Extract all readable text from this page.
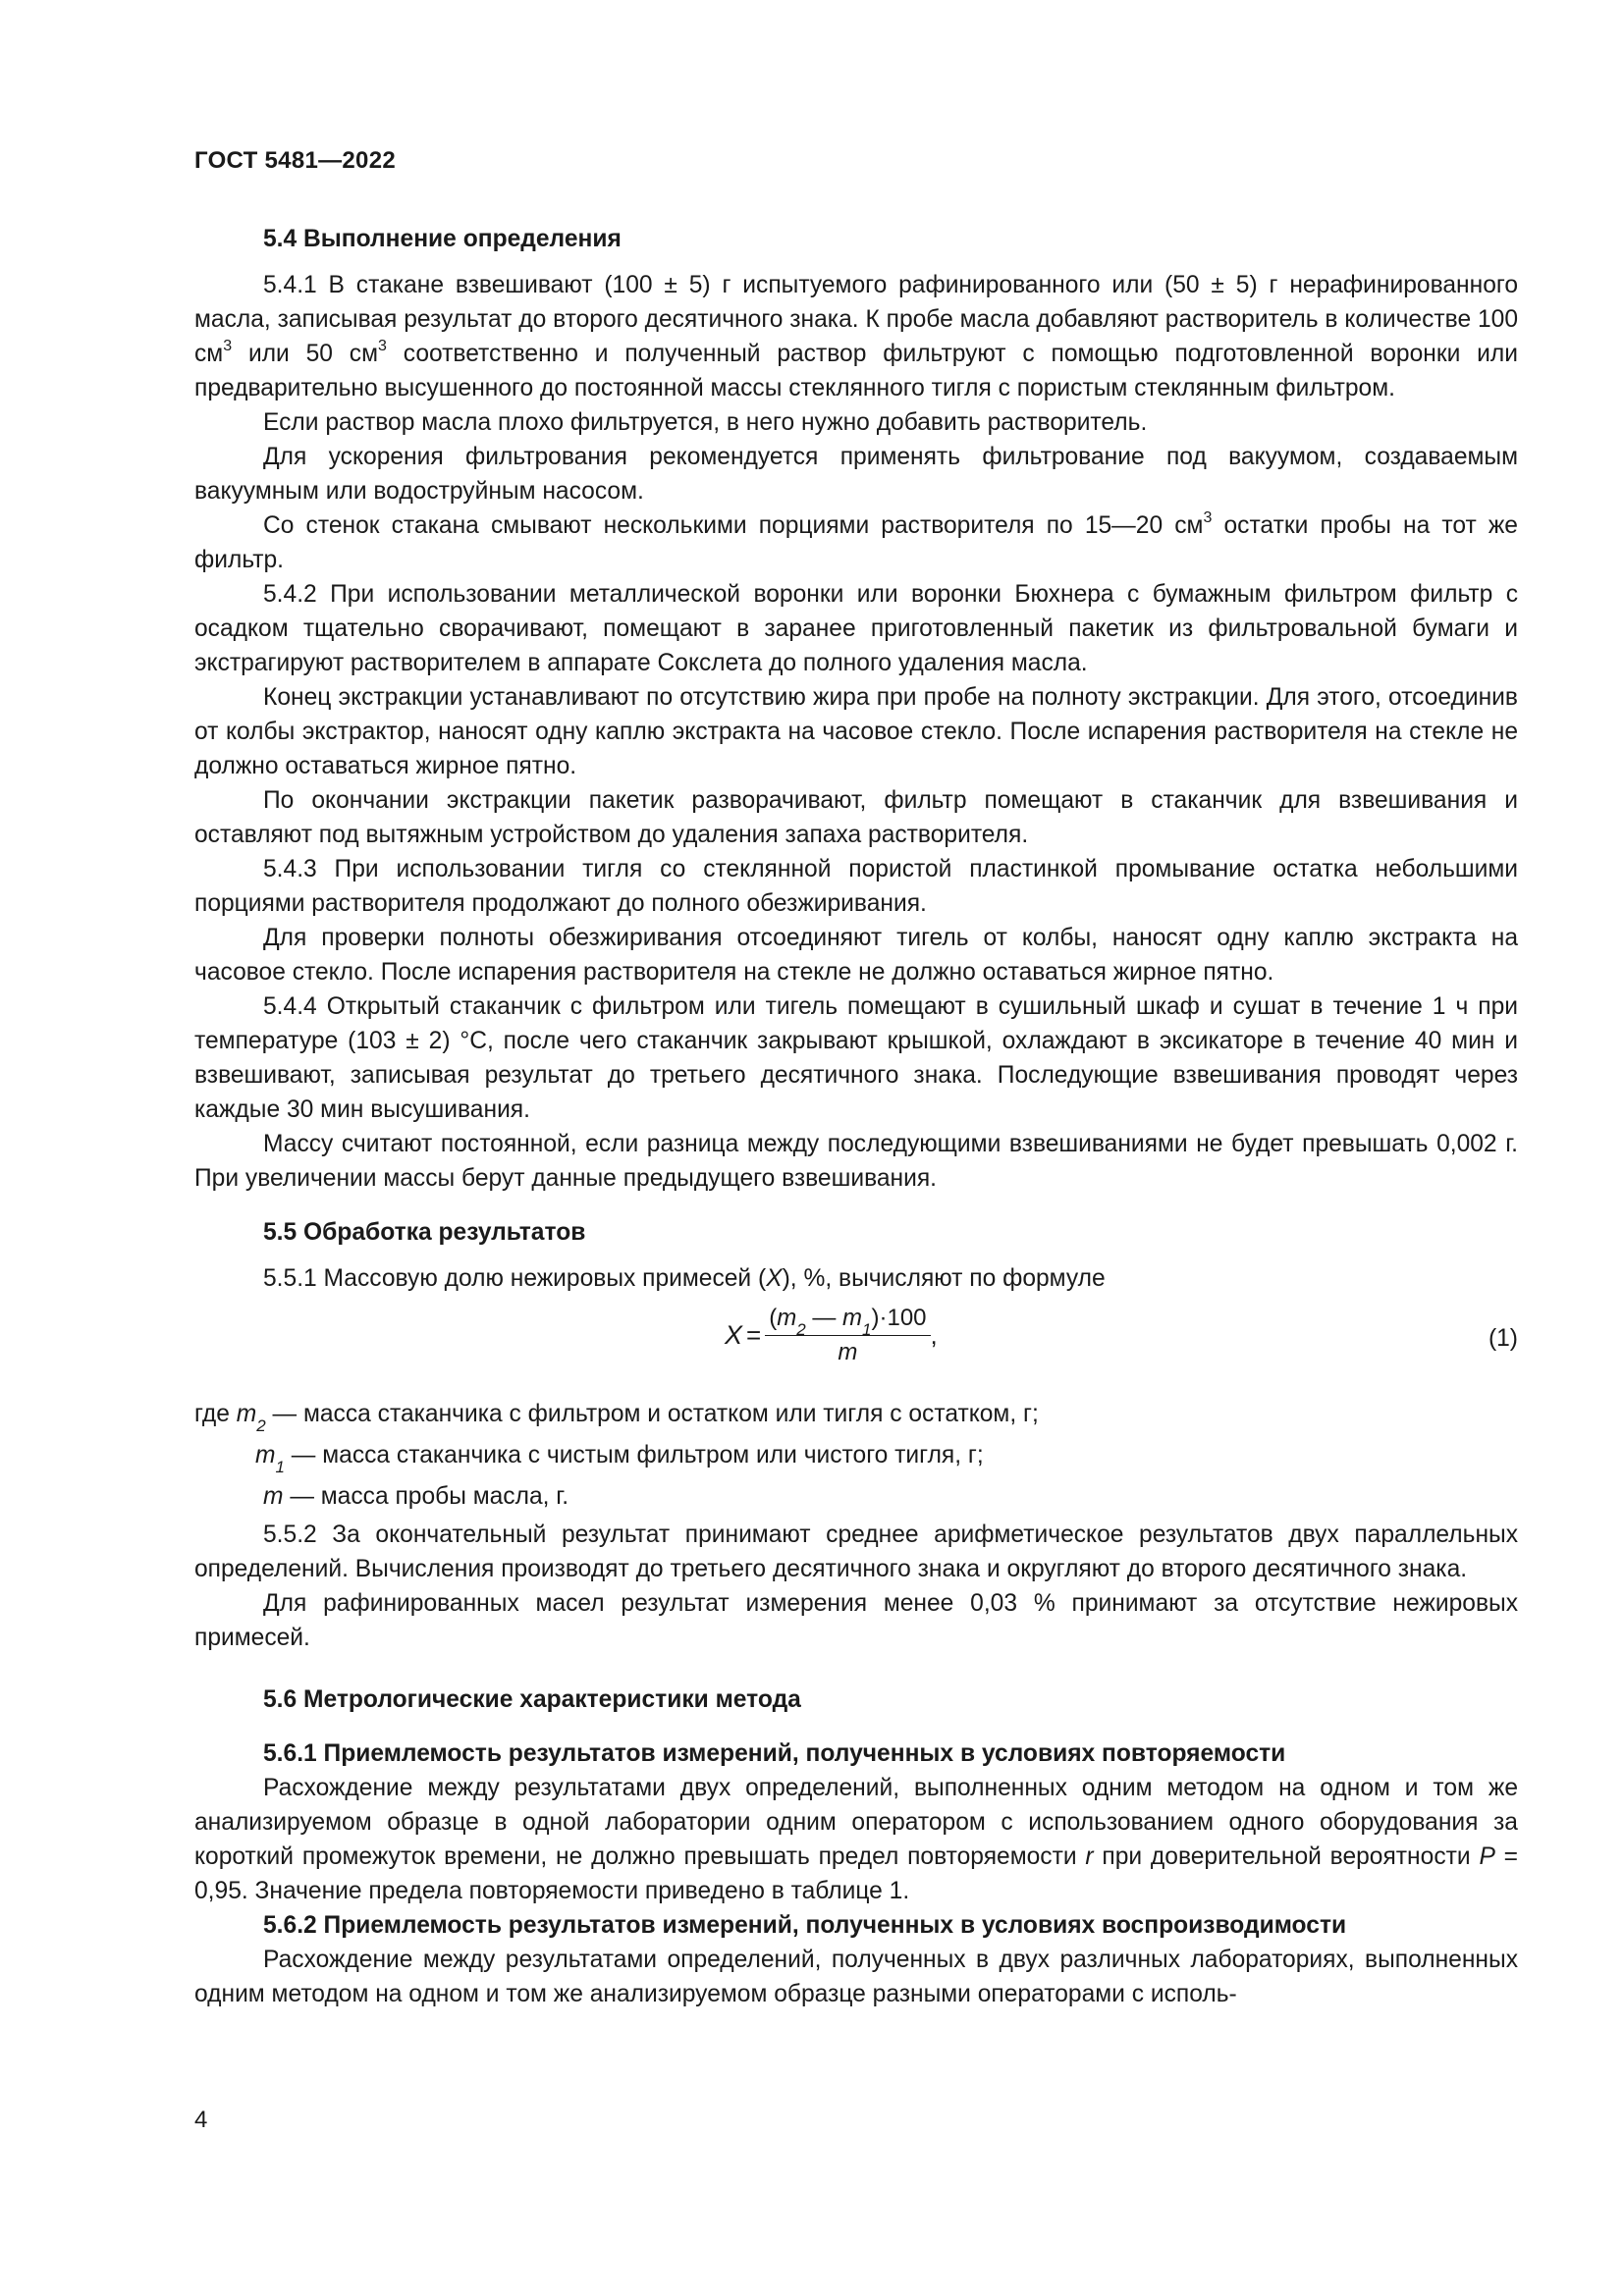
ГОСТ 5481—2022
5.4 Выполнение определения

5.4.1 В стакане взвешивают (100 ± 5) г испытуемого рафинированного или (50 ± 5) г нерафинированного масла, записывая результат до второго десятичного знака. К пробе масла добавляют растворитель в количестве 100 $см^3$ или 50 $см^3$ соответственно и полученный раствор фильтруют с помощью подготовленной воронки или предварительно высушенного до постоянной массы стеклянного тигля с пористым стеклянным фильтром.

Если раствор масла плохо фильтруется, в него нужно добавить растворитель.

Для ускорения фильтрования рекомендуется применять фильтрование под вакуумом, создаваемым вакуумным или водоструйным насосом.

Со стенок стакана смывают несколькими порциями растворителя по 15—20 $см^3$ остатки пробы на тот же фильтр.

5.4.2 При использовании металлической воронки или воронки Бюхнера с бумажным фильтром фильтр с осадком тщательно сворачивают, помещают в заранее приготовленный пакетик из фильтровальной бумаги и экстрагируют растворителем в аппарате Сокслета до полного удаления масла.

Конец экстракции устанавливают по отсутствию жира при пробе на полноту экстракции. Для этого, отсоединив от колбы экстрактор, наносят одну каплю экстракта на часовое стекло. После испарения растворителя на стекле не должно оставаться жирное пятно.

По окончании экстракции пакетик разворачивают, фильтр помещают в стаканчик для взвешивания и оставляют под вытяжным устройством до удаления запаха растворителя.

5.4.3 При использовании тигля со стеклянной пористой пластинкой промывание остатка небольшими порциями растворителя продолжают до полного обезжиривания.

Для проверки полноты обезжиривания отсоединяют тигель от колбы, наносят одну каплю экстракта на часовое стекло. После испарения растворителя на стекле не должно оставаться жирное пятно.

5.4.4 Открытый стаканчик с фильтром или тигель помещают в сушильный шкаф и сушат в течение 1 ч при температуре (103 ± 2) °С, после чего стаканчик закрывают крышкой, охлаждают в эксикаторе в течение 40 мин и взвешивают, записывая результат до третьего десятичного знака. Последующие взвешивания проводят через каждые 30 мин высушивания.

Массу считают постоянной, если разница между последующими взвешиваниями не будет превышать 0,002 г. При увеличении массы берут данные предыдущего взвешивания.

5.5 Обработка результатов

5.5.1 Массовую долю нежировых примесей (X), %, вычисляют по формуле

$X = \frac{(m_2 — m_1)\cdot 100}{m}$ ,	(1)
где $m_2$ — масса стаканчика с фильтром и остатком или тигля с остатком, г;
$m_1$ — масса стаканчика с чистым фильтром или чистого тигля, г;
m — масса пробы масла, г.

5.5.2 За окончательный результат принимают среднее арифметическое результатов двух параллельных определений. Вычисления производят до третьего десятичного знака и округляют до второго десятичного знака.

Для рафинированных масел результат измерения менее 0,03 % принимают за отсутствие нежировых примесей.

5.6 Метрологические характеристики метода
5.6.1 Приемлемость результатов измерений, полученных в условиях повторяемости

Расхождение между результатами двух определений, выполненных одним методом на одном и том же анализируемом образце в одной лаборатории одним оператором с использованием одного оборудования за короткий промежуток времени, не должно превышать предел повторяемости r при доверительной вероятности P = 0,95. Значение предела повторяемости приведено в таблице 1.

5.6.2 Приемлемость результатов измерений, полученных в условиях воспроизводимости

Расхождение между результатами определений, полученных в двух различных лабораториях, выполненных одним методом на одном и том же анализируемом образце разными операторами с исполь-

4
